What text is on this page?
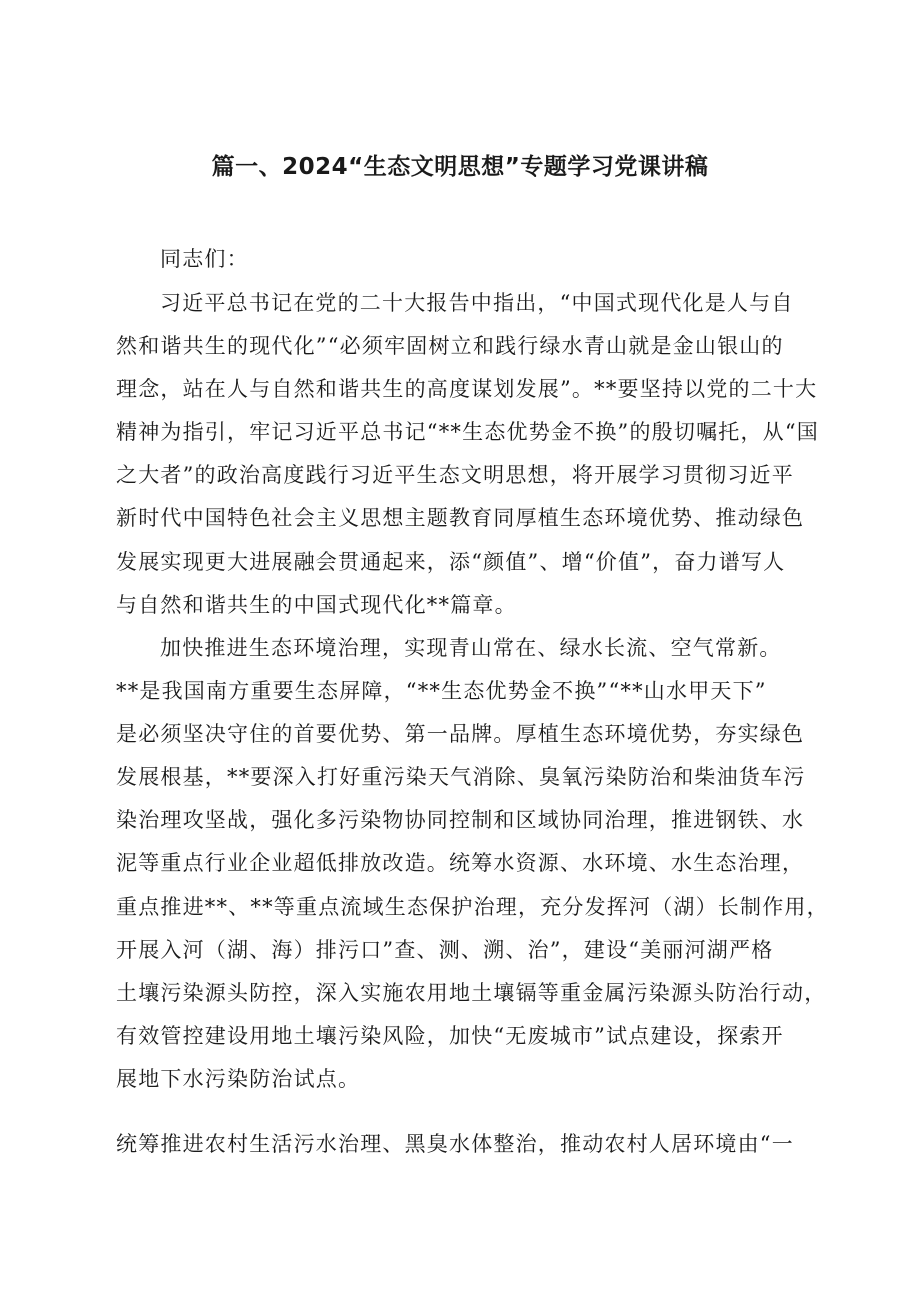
篇一、2024“生态文明思想”专题学习党课讲稿
同志们：
习近平总书记在党的二十大报告中指出，“中国式现代化是人与自
然和谐共生的现代化”“必须牢固树立和践行绿水青山就是金山银山的
理念，站在人与自然和谐共生的高度谋划发展”。**要坚持以党的二十大
精神为指引，牢记习近平总书记“**生态优势金不换”的殷切嘱托，从“国
之大者”的政治高度践行习近平生态文明思想，将开展学习贯彻习近平
新时代中国特色社会主义思想主题教育同厚植生态环境优势、推动绿色
发展实现更大进展融会贯通起来，添“颜值”、增“价值”，奋力谱写人
与自然和谐共生的中国式现代化**篇章。
加快推进生态环境治理，实现青山常在、绿水长流、空气常新。
**是我国南方重要生态屏障，“**生态优势金不换”“**山水甲天下”
是必须坚决守住的首要优势、第一品牌。厚植生态环境优势，夯实绿色
发展根基，**要深入打好重污染天气消除、臭氧污染防治和柴油货车污
染治理攻坚战，强化多污染物协同控制和区域协同治理，推进钢铁、水
泥等重点行业企业超低排放改造。统筹水资源、水环境、水生态治理，
重点推进**、**等重点流域生态保护治理，充分发挥河（湖）长制作用，
开展入河（湖、海）排污口”查、测、溯、治”，建设“美丽河湖严格
土壤污染源头防控，深入实施农用地土壤镉等重金属污染源头防治行动，
有效管控建设用地土壤污染风险，加快“无废城市”试点建设，探索开
展地下水污染防治试点。
统筹推进农村生活污水治理、黑臭水体整治，推动农村人居环境由“一
